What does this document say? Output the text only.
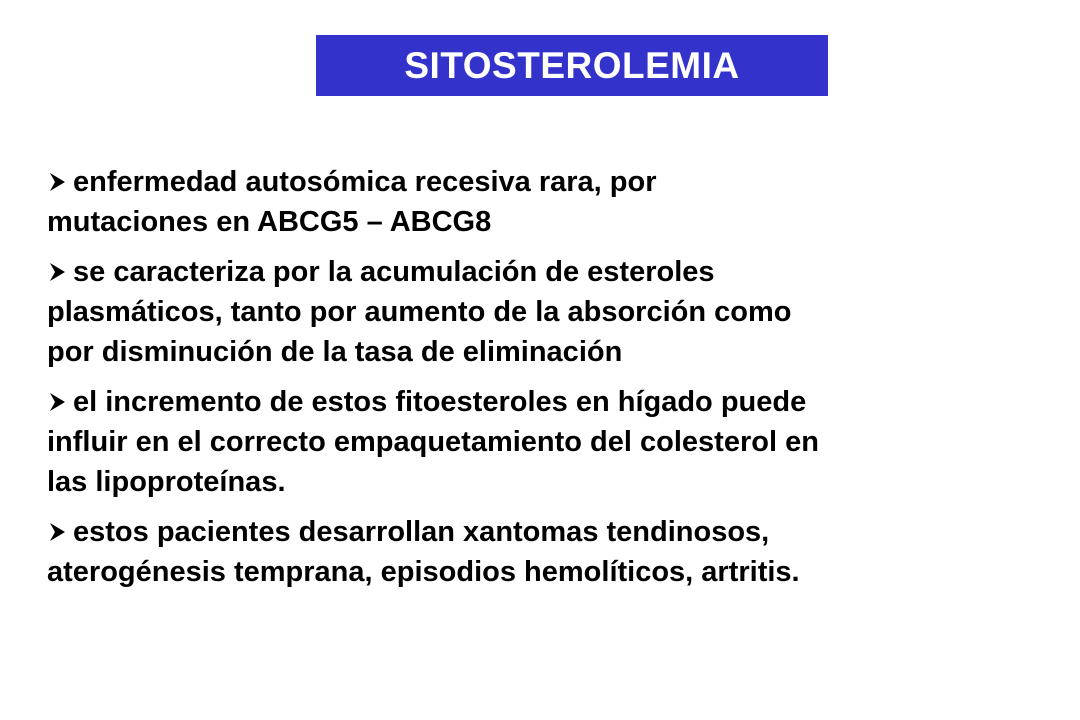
SITOSTEROLEMIA
enfermedad autosómica recesiva rara, por
mutaciones en ABCG5 – ABCG8
se caracteriza por la acumulación de esteroles
plasmáticos, tanto por aumento de la absorción como
por disminución de la tasa de eliminación
el incremento de estos fitoesteroles en hígado puede
influir en el correcto empaquetamiento del colesterol en
las lipoproteínas.
estos pacientes desarrollan xantomas tendinosos,
aterogénesis temprana, episodios hemolíticos, artritis.
